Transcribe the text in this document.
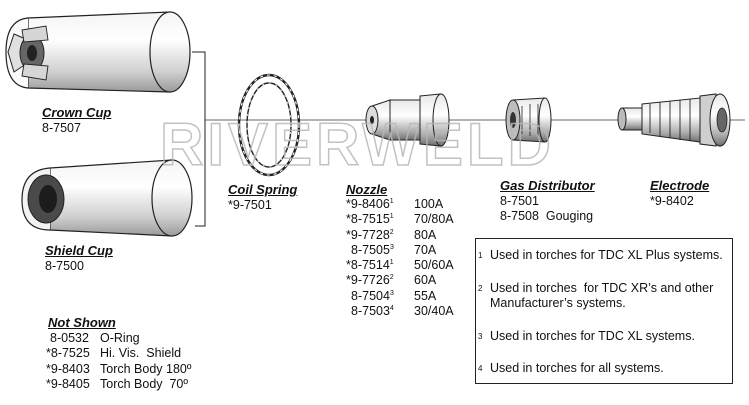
RIVERWELD
Crown Cup
8-7507
Shield Cup
8-7500
Coil Spring
*9-7501
Nozzle
*9-8406$^1$ 100A
*8-7515$^1$ 70/80A
*9-7728$^2$ 80A
8-7505$^3$ 70A
*8-7514$^1$ 50/60A
*9-7726$^2$ 60A
8-7504$^3$ 55A
8-7503$^4$ 30/40A
Gas Distributor
8-7501
8-7508  Gouging
Electrode
*9-8402
Not Shown
8-0532 O-Ring
*8-7525 Hi. Vis.  Shield
*9-8403 Torch Body 180º
*9-8405 Torch Body  70º
1 Used in torches for TDC XL Plus systems.
2 Used in torches  for TDC XR’s and other Manufacturer’s systems.
3 Used in torches for TDC XL systems.
4 Used in torches for all systems.
